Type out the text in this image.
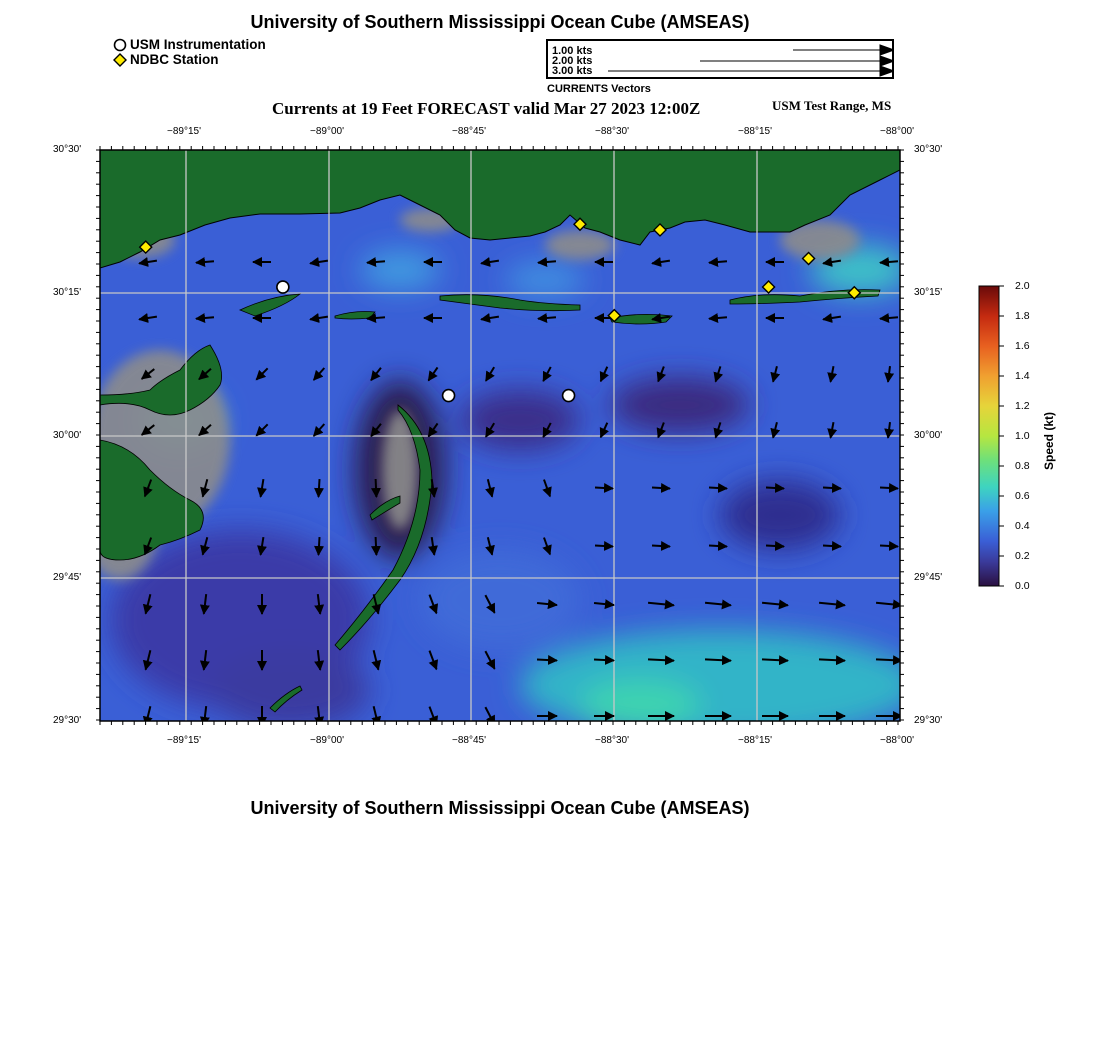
University of Southern Mississippi Ocean Cube (AMSEAS)
USM Instrumentation
NDBC Station
1.00 kts
2.00 kts
3.00 kts
CURRENTS Vectors
Currents at 19 Feet FORECAST valid Mar 27 2023 12:00Z	USM Test Range, MS
−89°15'	−89°00'	−88°45'	−88°30'	−88°15'	−88°00'
−89°15'	−89°00'	−88°45'	−88°30'	−88°15'	−88°00'
30°30'
30°15'
30°00'
29°45'
29°30'
30°30'
30°15'
30°00'
29°45'
29°30'
2.0
1.8
1.6
1.4
1.2
1.0
0.8
0.6
0.4
0.2
0.0
Speed (kt)
University of Southern Mississippi Ocean Cube (AMSEAS)
